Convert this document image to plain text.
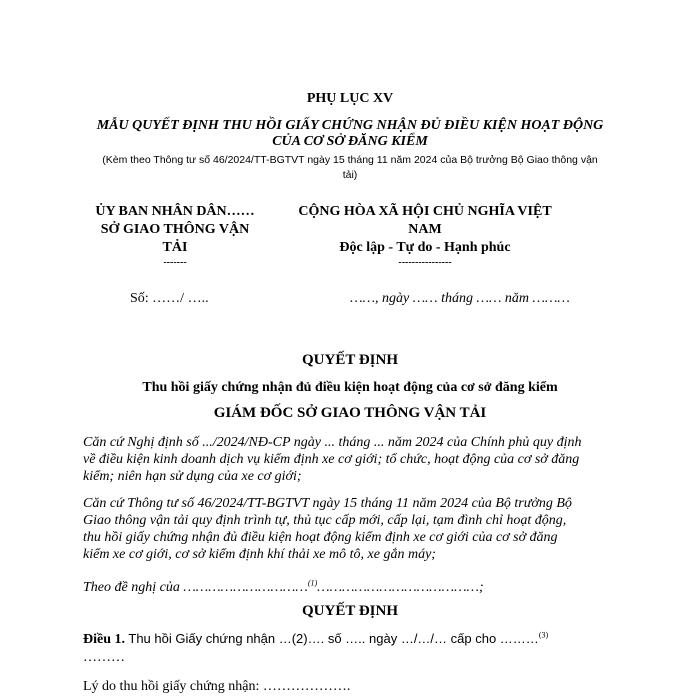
PHỤ LỤC XV
MẪU QUYẾT ĐỊNH THU HỒI GIẤY CHỨNG NHẬN ĐỦ ĐIỀU KIỆN HOẠT ĐỘNG
CỦA CƠ SỞ ĐĂNG KIỂM
(Kèm theo Thông tư số 46/2024/TT-BGTVT ngày 15 tháng 11 năm 2024 của Bộ trưởng Bộ Giao thông vận
tải)
ỦY BAN NHÂN DÂN……
SỞ GIAO THÔNG VẬN
TẢI
-------
Số: ……/ …..
CỘNG HÒA XÃ HỘI CHỦ NGHĨA VIỆT
NAM
Độc lập - Tự do - Hạnh phúc
----------------
……, ngày …… tháng …… năm ………
QUYẾT ĐỊNH
Thu hồi giấy chứng nhận đủ điều kiện hoạt động của cơ sở đăng kiểm
GIÁM ĐỐC SỞ GIAO THÔNG VẬN TẢI
Căn cứ Nghị định số .../2024/NĐ-CP ngày ... tháng ... năm 2024 của Chính phủ quy định
về điều kiện kinh doanh dịch vụ kiểm định xe cơ giới; tổ chức, hoạt động của cơ sở đăng
kiểm; niên hạn sử dụng của xe cơ giới;
Căn cứ Thông tư số 46/2024/TT-BGTVT ngày 15 tháng 11 năm 2024 của Bộ trưởng Bộ
Giao thông vận tải quy định trình tự, thủ tục cấp mới, cấp lại, tạm đình chỉ hoạt động,
thu hồi giấy chứng nhận đủ điều kiện hoạt động kiểm định xe cơ giới của cơ sở đăng
kiểm xe cơ giới, cơ sở kiểm định khí thải xe mô tô, xe gắn máy;
Theo đề nghị của …………………………$^{(1)}$…………………………………;
QUYẾT ĐỊNH
Điều 1. Thu hồi Giấy chứng nhận …(2)…. số ….. ngày …/…/… cấp cho ………$^{(3)}$
………
Lý do thu hồi giấy chứng nhận: ……………….
